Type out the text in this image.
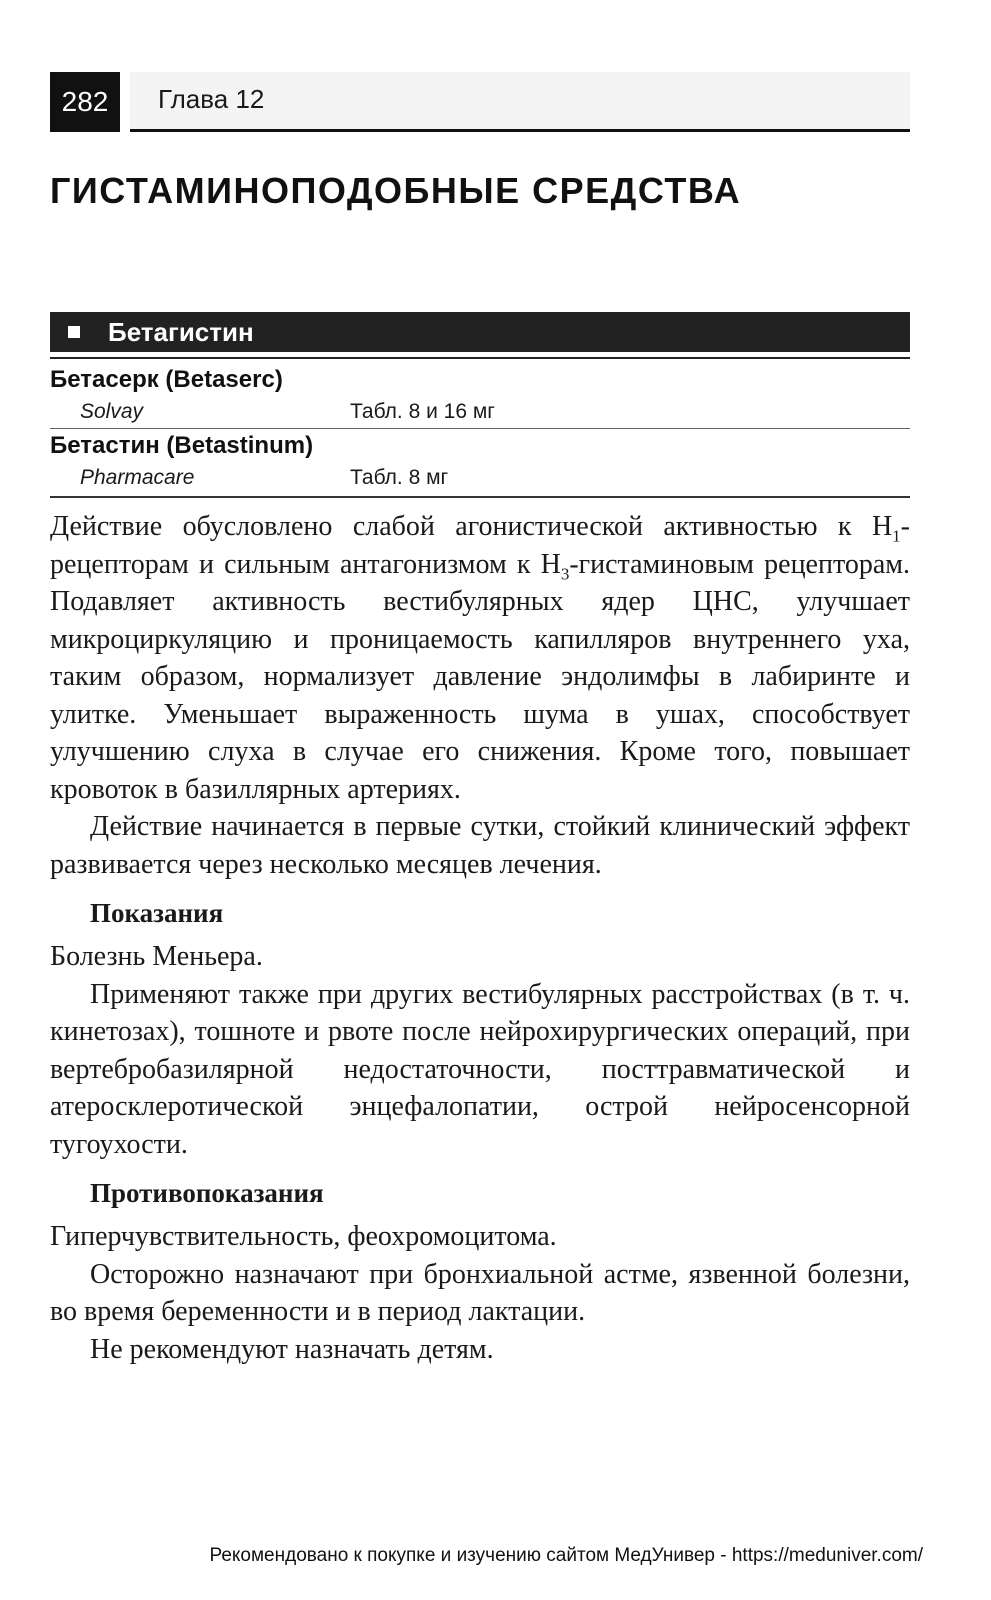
282	Глава 12
ГИСТАМИНОПОДОБНЫЕ СРЕДСТВА
Бетагистин
Бетасерк (Betaserc)
Solvay	Табл. 8 и 16 мг
Бетастин (Betastinum)
Pharmacare	Табл. 8 мг

Действие обусловлено слабой агонистической активностью к $H_1$-рецепторам и сильным антагонизмом к $H_3$-гистаминовым рецепторам. Подавляет активность вестибулярных ядер ЦНС, улучшает микроциркуляцию и проницаемость капилляров внутреннего уха, таким образом, нормализует давление эндолимфы в лабиринте и улитке. Уменьшает выраженность шума в ушах, способствует улучшению слуха в случае его снижения. Кроме того, повышает кровоток в базиллярных артериях.

Действие начинается в первые сутки, стойкий клинический эффект развивается через несколько месяцев лечения.

Показания

Болезнь Меньера.

Применяют также при других вестибулярных расстройствах (в т. ч. кинетозах), тошноте и рвоте после нейрохирургических операций, при вертебробазилярной недостаточности, посттравматической и атеросклеротической энцефалопатии, острой нейросенсорной тугоухости.

Противопоказания

Гиперчувствительность, феохромоцитома.

Осторожно назначают при бронхиальной астме, язвенной болезни, во время беременности и в период лактации.

Не рекомендуют назначать детям.

Рекомендовано к покупке и изучению сайтом МедУнивер - https://meduniver.com/
